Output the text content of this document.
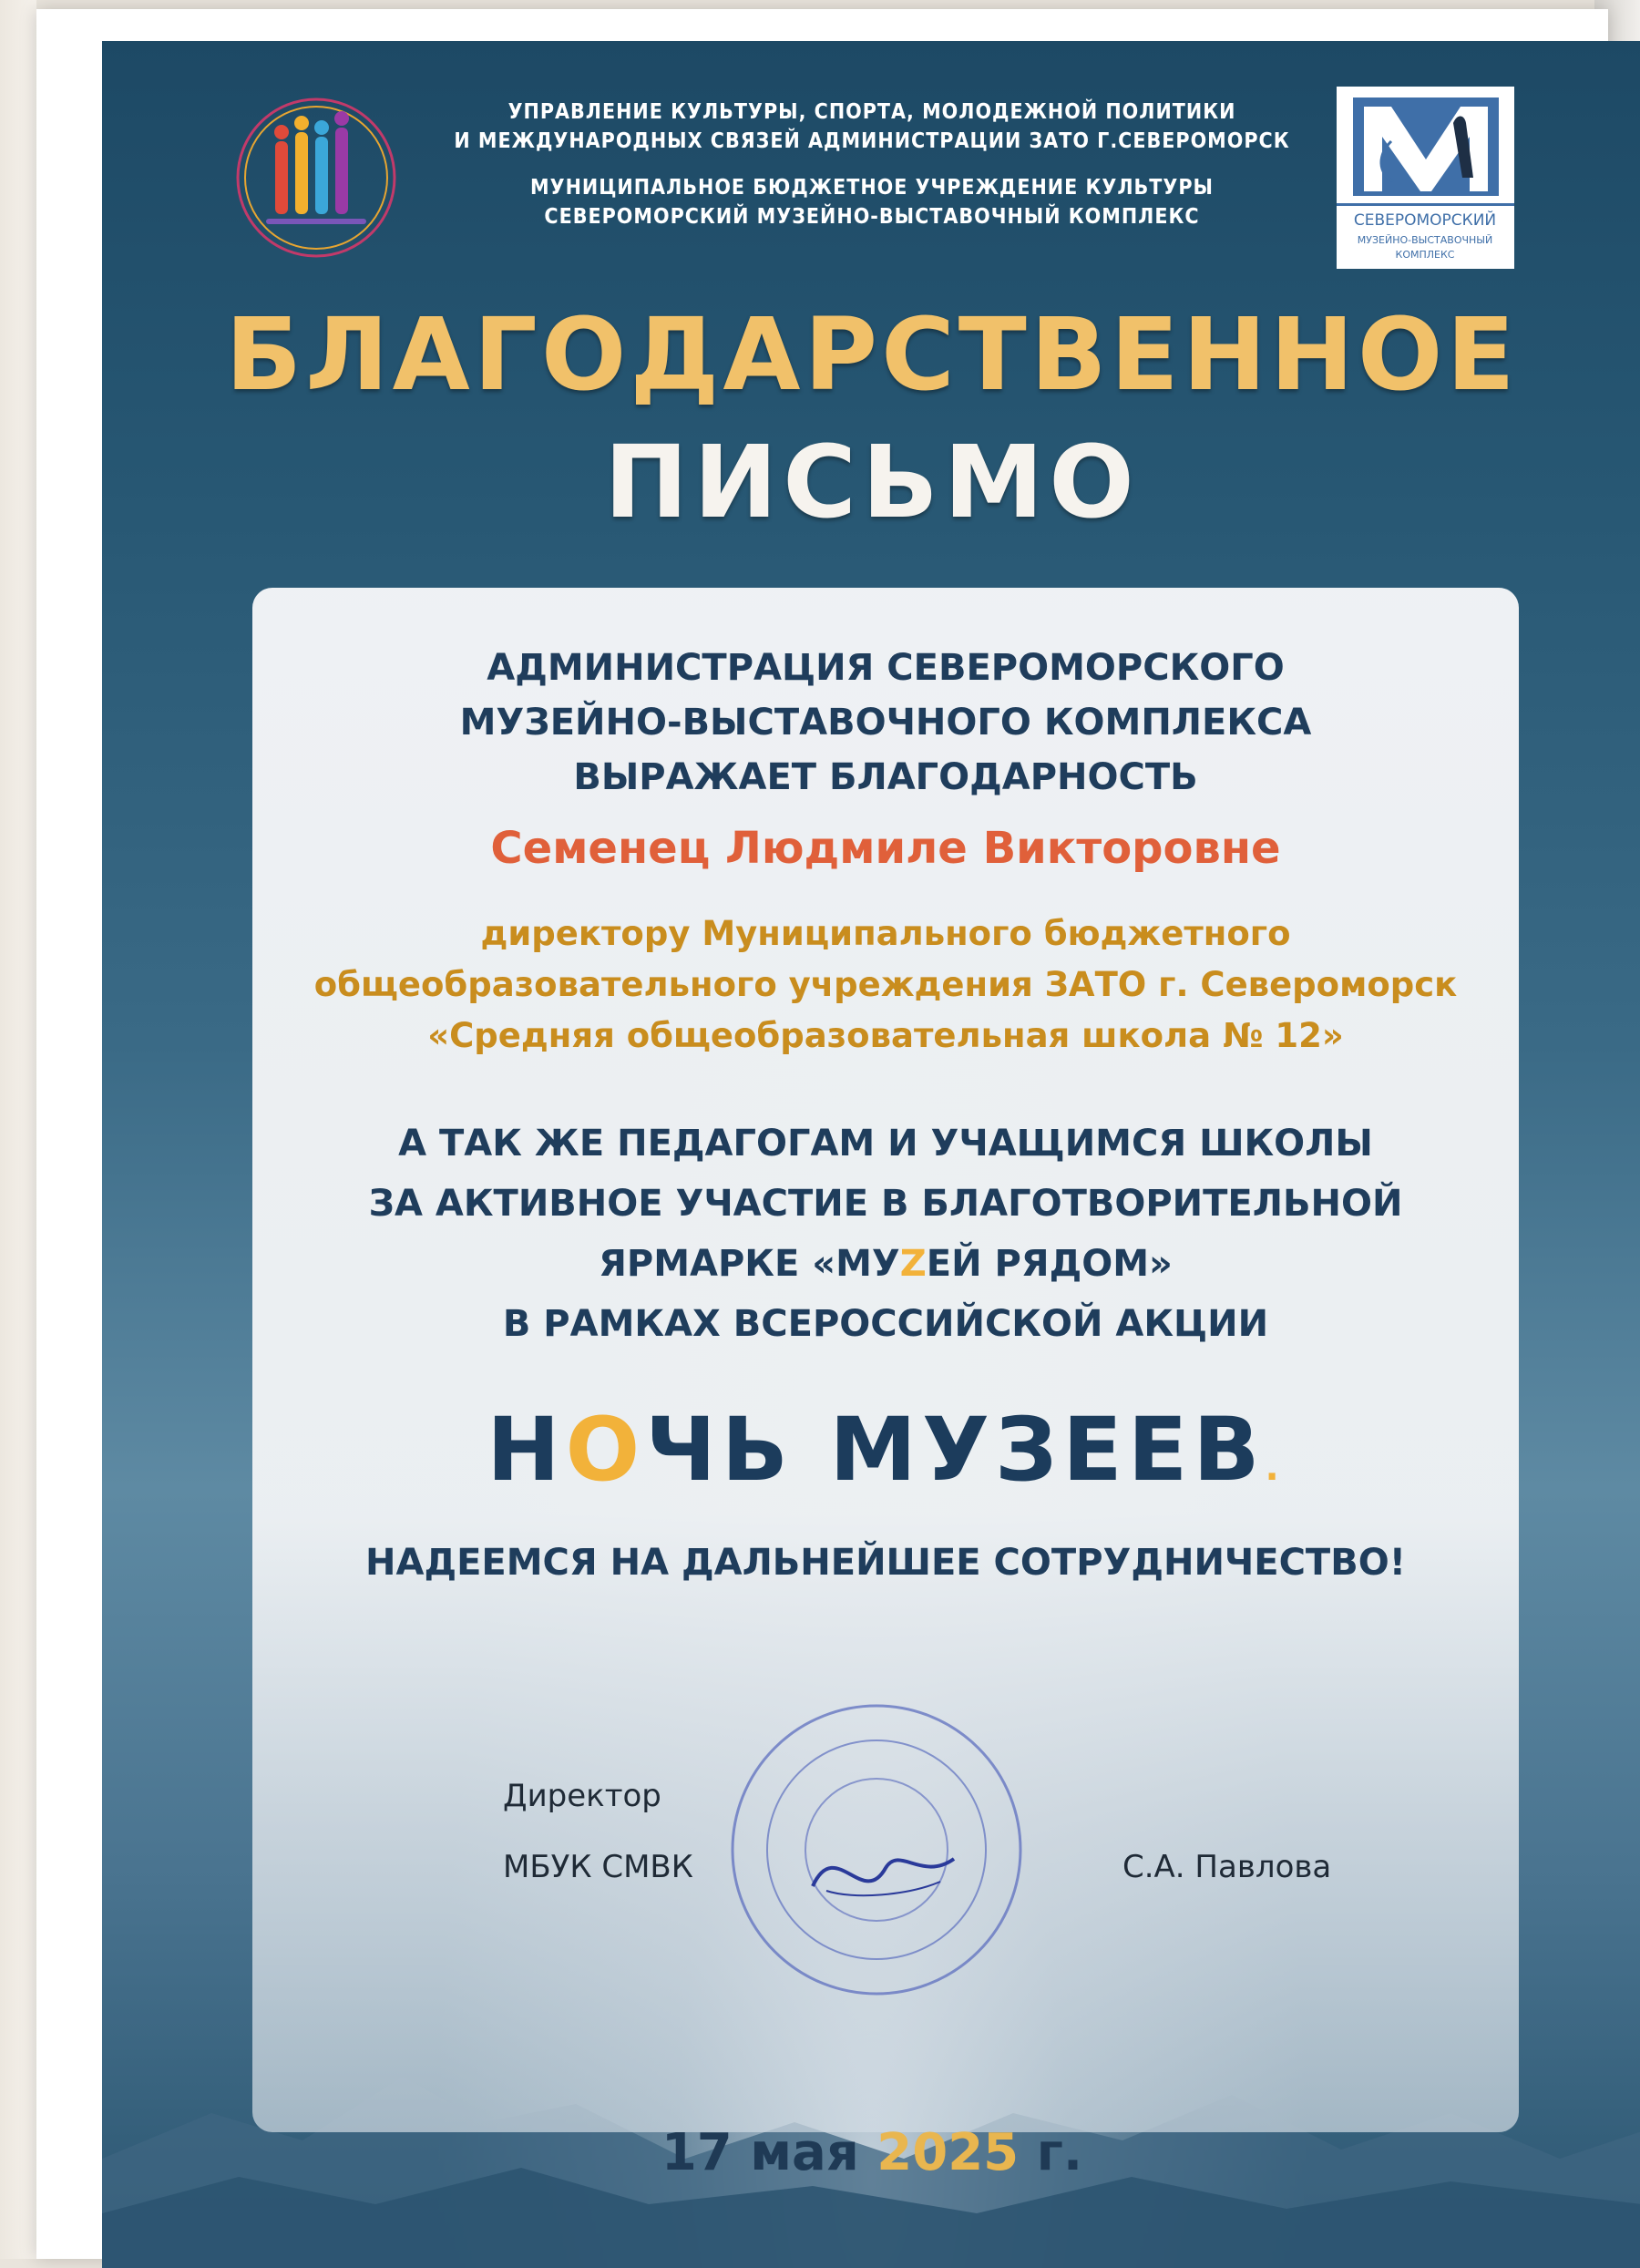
УПРАВЛЕНИЕ КУЛЬТУРЫ, СПОРТА, МОЛОДЕЖНОЙ ПОЛИТИКИ
И МЕЖДУНАРОДНЫХ СВЯЗЕЙ АДМИНИСТРАЦИИ ЗАТО Г.СЕВЕРОМОРСК
МУНИЦИПАЛЬНОЕ БЮДЖЕТНОЕ УЧРЕЖДЕНИЕ КУЛЬТУРЫ
СЕВЕРОМОРСКИЙ МУЗЕЙНО-ВЫСТАВОЧНЫЙ КОМПЛЕКС	СЕВЕРОМОРСКИЙ
МУЗЕЙНО-ВЫСТАВОЧНЫЙ
КОМПЛЕКС
БЛАГОДАРСТВЕННОЕ
ПИСЬМО
АДМИНИСТРАЦИЯ СЕВЕРОМОРСКОГО
МУЗЕЙНО-ВЫСТАВОЧНОГО КОМПЛЕКСА
ВЫРАЖАЕТ БЛАГОДАРНОСТЬ
Семенец Людмиле Викторовне
директору Муниципального бюджетного
общеобразовательного учреждения ЗАТО г. Североморск
«Средняя общеобразовательная школа № 12»
А ТАК ЖЕ ПЕДАГОГАМ И УЧАЩИМСЯ ШКОЛЫ
ЗА АКТИВНОЕ УЧАСТИЕ В БЛАГОТВОРИТЕЛЬНОЙ
ЯРМАРКЕ «МУZЕЙ РЯДОМ»
В РАМКАХ ВСЕРОССИЙСКОЙ АКЦИИ
НОЧЬ МУЗЕЕВ.
НАДЕЕМСЯ НА ДАЛЬНЕЙШЕЕ СОТРУДНИЧЕСТВО!
Директор
МБУК СМВК	С.А. Павлова
17 мая 2025 г.
